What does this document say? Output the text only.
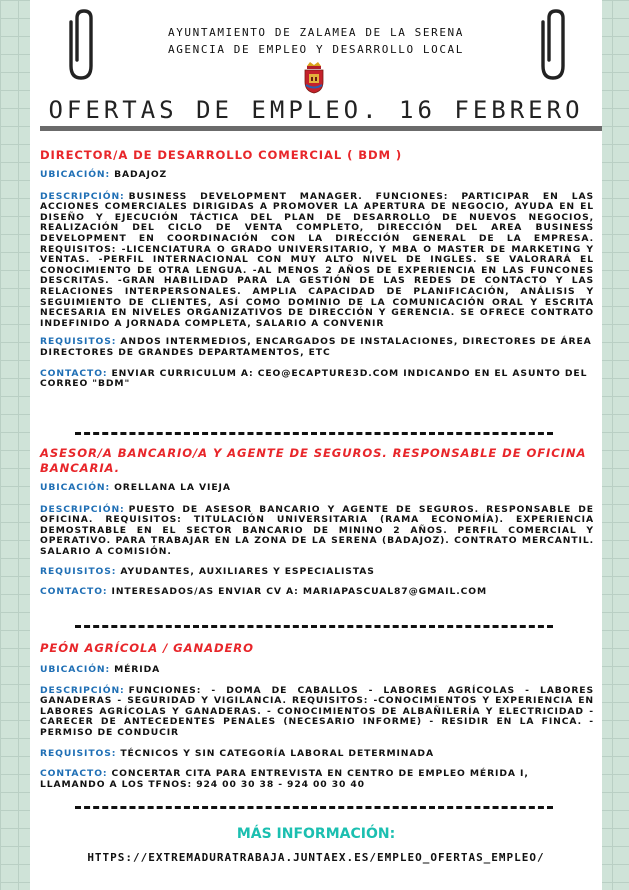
AYUNTAMIENTO DE ZALAMEA DE LA SERENA
AGENCIA DE EMPLEO Y DESARROLLO LOCAL
OFERTAS DE EMPLEO. 16 FEBRERO

DIRECTOR/A DE DESARROLLO COMERCIAL ( BDM )

UBICACIÓN: BADAJOZ

DESCRIPCIÓN: BUSINESS DEVELOPMENT MANAGER. FUNCIONES: PARTICIPAR EN LAS ACCIONES COMERCIALES DIRIGIDAS A PROMOVER LA APERTURA DE NEGOCIO, AYUDA EN EL DISEÑO Y EJECUCIÓN TÁCTICA DEL PLAN DE DESARROLLO DE NUEVOS NEGOCIOS, REALIZACIÓN DEL CICLO DE VENTA COMPLETO, DIRECCIÓN DEL AREA BUSINESS DEVELOPMENT EN COORDINACIÓN CON LA DIRECCIÓN GENERAL DE LA EMPRESA. REQUISITOS: -LICENCIATURA O GRADO UNIVERSITARIO, Y MBA O MASTER DE MARKETING Y VENTAS. -PERFIL INTERNACIONAL CON MUY ALTO NIVEL DE INGLES. SE VALORARÁ EL CONOCIMIENTO DE OTRA LENGUA. -AL MENOS 2 AÑOS DE EXPERIENCIA EN LAS FUNCONES DESCRITAS. -GRAN HABILIDAD PARA LA GESTIÓN DE LAS REDES DE CONTACTO Y LAS RELACIONES INTERPERSONALES. AMPLIA CAPACIDAD DE PLANIFICACIÓN, ANÁLISIS Y SEGUIMIENTO DE CLIENTES, ASÍ COMO DOMINIO DE LA COMUNICACIÓN ORAL Y ESCRITA NECESARIA EN NIVELES ORGANIZATIVOS DE DIRECCIÓN Y GERENCIA. SE OFRECE CONTRATO INDEFINIDO A JORNADA COMPLETA, SALARIO A CONVENIR

REQUISITOS: ANDOS INTERMEDIOS, ENCARGADOS DE INSTALACIONES, DIRECTORES DE ÁREA DIRECTORES DE GRANDES DEPARTAMENTOS, ETC

CONTACTO: ENVIAR CURRICULUM A: CEO@ECAPTURE3D.COM INDICANDO EN EL ASUNTO DEL CORREO "BDM"

ASESOR/A BANCARIO/A Y AGENTE DE SEGUROS. RESPONSABLE DE OFICINA BANCARIA.

UBICACIÓN: ORELLANA LA VIEJA

DESCRIPCIÓN: PUESTO DE ASESOR BANCARIO Y AGENTE DE SEGUROS. RESPONSABLE DE OFICINA. REQUISITOS: TITULACIÓN UNIVERSITARIA (RAMA ECONOMÍA). EXPERIENCIA DEMOSTRABLE EN EL SECTOR BANCARIO DE MININO 2 AÑOS. PERFIL COMERCIAL Y OPERATIVO. PARA TRABAJAR EN LA ZONA DE LA SERENA (BADAJOZ). CONTRATO MERCANTIL. SALARIO A COMISIÓN.

REQUISITOS: AYUDANTES, AUXILIARES Y ESPECIALISTAS

CONTACTO: INTERESADOS/AS ENVIAR CV A: MARIAPASCUAL87@GMAIL.COM

PEÓN AGRÍCOLA / GANADERO

UBICACIÓN: MÉRIDA

DESCRIPCIÓN: FUNCIONES: - DOMA DE CABALLOS - LABORES AGRÍCOLAS - LABORES GANADERAS - SEGURIDAD Y VIGILANCIA. REQUISITOS: -CONOCIMIENTOS Y EXPERIENCIA EN LABORES AGRÍCOLAS Y GANADERAS. - CONOCIMIENTOS DE ALBAÑILERÍA Y ELECTRICIDAD - CARECER DE ANTECEDENTES PENALES (NECESARIO INFORME) - RESIDIR EN LA FINCA. - PERMISO DE CONDUCIR

REQUISITOS: TÉCNICOS Y SIN CATEGORÍA LABORAL DETERMINADA

CONTACTO: CONCERTAR CITA PARA ENTREVISTA EN CENTRO DE EMPLEO MÉRIDA I, LLAMANDO A LOS TFNOS: 924 00 30 38 - 924 00 30 40

MÁS INFORMACIÓN:
HTTPS://EXTREMADURATRABAJA.JUNTAEX.ES/EMPLEO_OFERTAS_EMPLEO/
